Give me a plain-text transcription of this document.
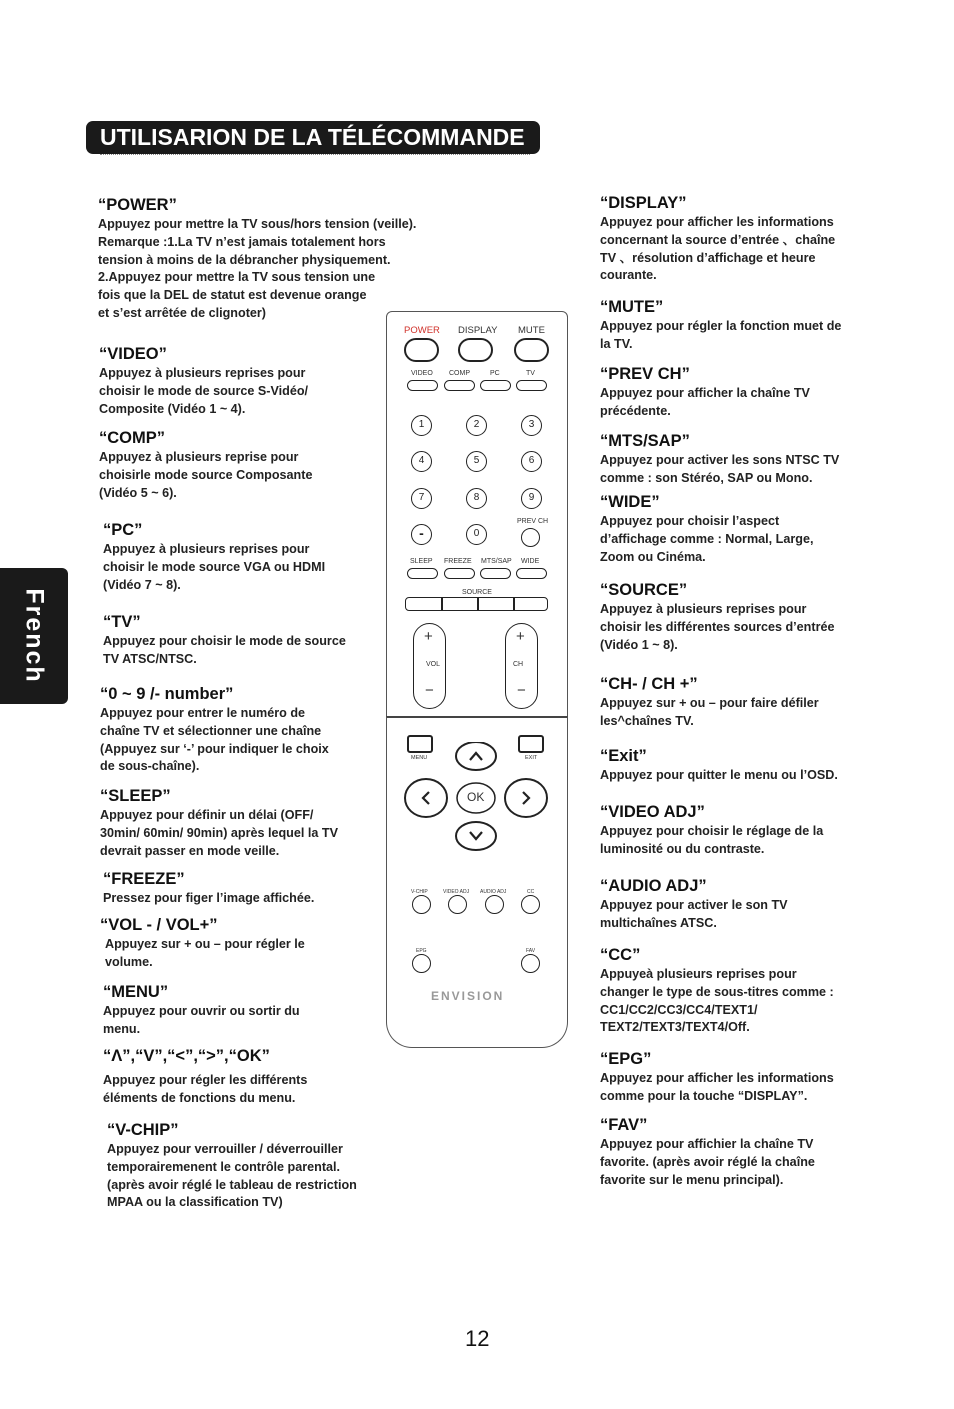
UTILISARION DE LA TÉLÉCOMMANDE
French
“POWER”
Appuyez pour mettre la TV sous/hors tension (veille).
Remarque :1.La TV n’est jamais totalement hors
tension à moins de la débrancher physiquement.
2.Appuyez pour mettre la TV sous tension une
fois que la DEL de statut est devenue orange
et s’est arrêtée de clignoter)
“VIDEO”
Appuyez à plusieurs reprises pour
choisir le mode de source S-Vidéo/
Composite (Vidéo 1 ~ 4).
“COMP”
Appuyez à plusieurs reprise pour
choisirle mode source Composante
(Vidéo 5 ~ 6).
“PC”
Appuyez à plusieurs reprises pour
choisir le mode source VGA ou HDMI
(Vidéo 7 ~ 8).
“TV”
Appuyez pour choisir le mode de source
TV ATSC/NTSC.
“0 ~ 9 /- number”
Appuyez pour entrer le numéro de
chaîne TV et sélectionner une chaîne
(Appuyez sur ‘-’ pour indiquer le choix
de sous-chaîne).
“SLEEP”
Appuyez pour définir un délai (OFF/
30min/ 60min/ 90min) après lequel la TV
devrait passer en mode veille.
“FREEZE”
Pressez pour figer l’image affichée.
“VOL - / VOL+”
Appuyez sur + ou – pour régler le
volume.
“MENU”
Appuyez pour ouvrir ou sortir du
menu.
“Λ”,“V”,“<”,“>”,“OK”
Appuyez pour régler les différents
éléments de fonctions du menu.
“V-CHIP”
Appuyez pour verrouiller / déverrouiller
temporairemenent le contrôle parental.
(après avoir réglé le tableau de restriction
MPAA ou la classification TV)
“DISPLAY”
Appuyez pour afficher les informations
concernant la source d’entrée 、chaîne
TV 、résolution d’affichage et heure
courante.
“MUTE”
Appuyez pour régler la fonction muet de
la TV.
“PREV CH”
Appuyez pour afficher la chaîne TV
précédente.
“MTS/SAP”
Appuyez pour activer les sons NTSC TV
comme : son Stéréo, SAP ou Mono.
“WIDE”
Appuyez pour choisir l’aspect
d’affichage comme : Normal, Large,
Zoom ou Cinéma.
“SOURCE”
Appuyez à plusieurs reprises pour
choisir les différentes sources d’entrée
(Vidéo 1 ~ 8).
“CH- / CH +”
Appuyez sur + ou – pour faire défiler
les^chaînes TV.
“Exit”
Appuyez pour quitter le menu ou l’OSD.
“VIDEO ADJ”
Appuyez pour choisir le réglage de la
luminosité ou du contraste.
“AUDIO ADJ”
Appuyez pour activer le son TV
multichaînes ATSC.
“CC”
Appuyeà plusieurs reprises pour
changer le type de sous-titres comme :
CC1/CC2/CC3/CC4/TEXT1/
TEXT2/TEXT3/TEXT4/Off.
“EPG”
Appuyez pour afficher les informations
comme pour la touche “DISPLAY”.
“FAV”
Appuyez pour affichier la chaîne TV
favorite. (après avoir réglé la chaîne
favorite sur le menu principal).
POWER DISPLAY MUTE
VIDEO COMP	PC	TV
1	2	3
4	5	6
7	8	9
-	0
PREV CH
SLEEP FREEZE MTS/SAP WIDE
SOURCE
+	+
VOL	CH
−	−
MENU	EXIT
OK
V-CHIP	VIDEO ADJ AUDIO ADJ	CC
EPG	FAV
ENVISION
12
